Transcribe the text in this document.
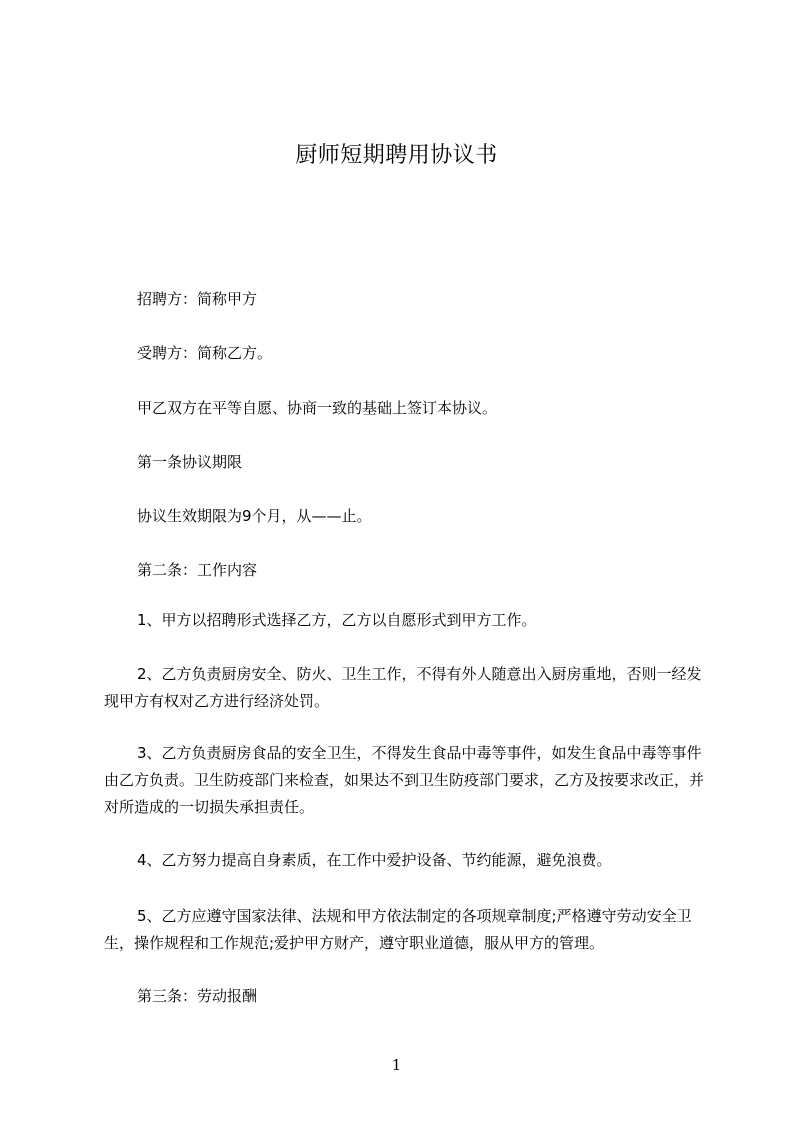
厨师短期聘用协议书
招聘方：简称甲方
受聘方：简称乙方。
甲乙双方在平等自愿、协商一致的基础上签订本协议。
第一条协议期限
协议生效期限为9个月，从——止。
第二条：工作内容
1、甲方以招聘形式选择乙方，乙方以自愿形式到甲方工作。
2、乙方负责厨房安全、防火、卫生工作，不得有外人随意出入厨房重地，否则一经发现甲方有权对乙方进行经济处罚。
3、乙方负责厨房食品的安全卫生，不得发生食品中毒等事件，如发生食品中毒等事件由乙方负责。卫生防疫部门来检查，如果达不到卫生防疫部门要求，乙方及按要求改正，并对所造成的一切损失承担责任。
4、乙方努力提高自身素质，在工作中爱护设备、节约能源，避免浪费。
5、乙方应遵守国家法律、法规和甲方依法制定的各项规章制度;严格遵守劳动安全卫生，操作规程和工作规范;爱护甲方财产，遵守职业道德，服从甲方的管理。
第三条：劳动报酬
1
